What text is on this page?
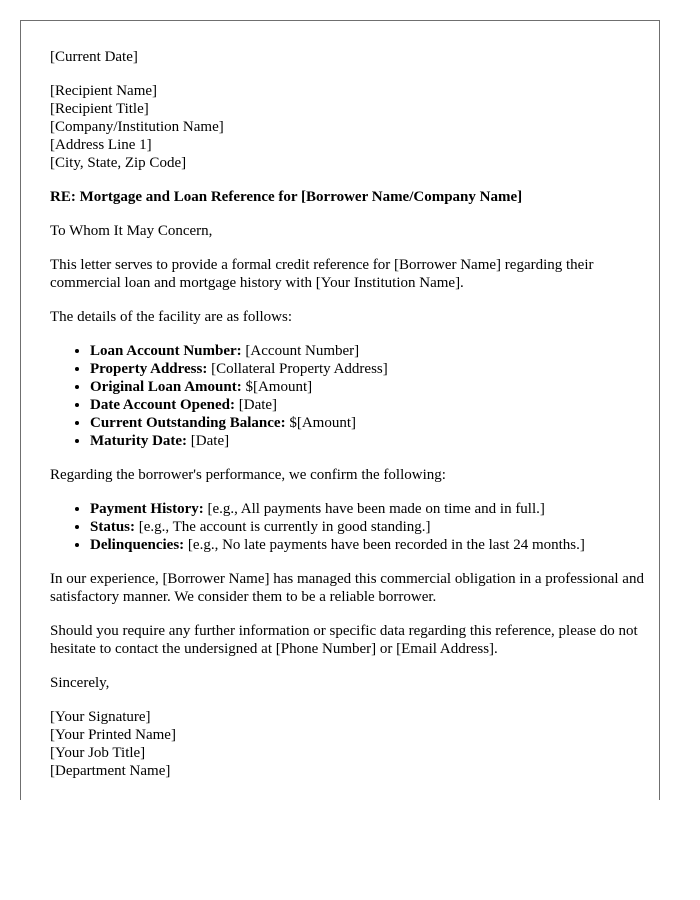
[Current Date]

[Recipient Name]
[Recipient Title]
[Company/Institution Name]
[Address Line 1]
[City, State, Zip Code]

RE: Mortgage and Loan Reference for [Borrower Name/Company Name]

To Whom It May Concern,

This letter serves to provide a formal credit reference for [Borrower Name] regarding their commercial loan and mortgage history with [Your Institution Name].

The details of the facility are as follows:

• Loan Account Number: [Account Number]
• Property Address: [Collateral Property Address]
• Original Loan Amount: $[Amount]
• Date Account Opened: [Date]
• Current Outstanding Balance: $[Amount]
• Maturity Date: [Date]

Regarding the borrower's performance, we confirm the following:

• Payment History: [e.g., All payments have been made on time and in full.]
• Status: [e.g., The account is currently in good standing.]
• Delinquencies: [e.g., No late payments have been recorded in the last 24 months.]

In our experience, [Borrower Name] has managed this commercial obligation in a professional and satisfactory manner. We consider them to be a reliable borrower.

Should you require any further information or specific data regarding this reference, please do not hesitate to contact the undersigned at [Phone Number] or [Email Address].

Sincerely,

[Your Signature]
[Your Printed Name]
[Your Job Title]
[Department Name]
